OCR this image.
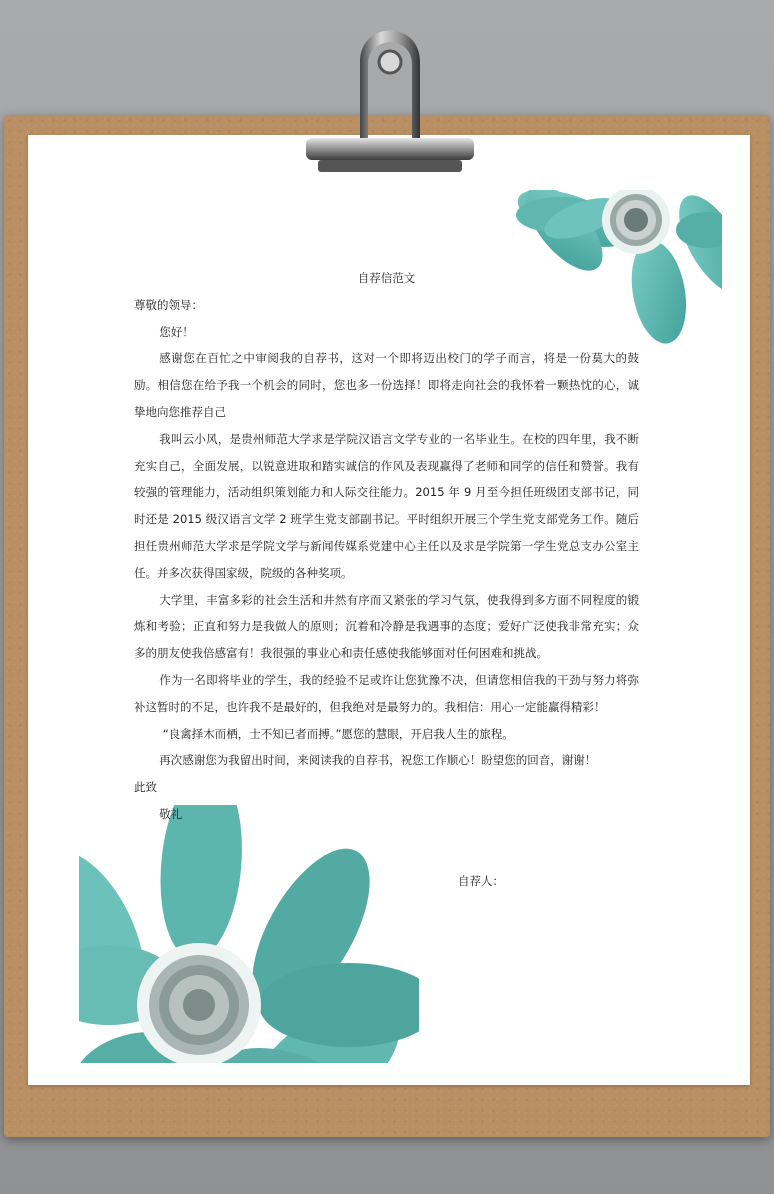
自荐信范文

尊敬的领导：

您好！

感谢您在百忙之中审阅我的自荐书，这对一个即将迈出校门的学子而言，将是一份莫大的鼓励。相信您在给予我一个机会的同时，您也多一份选择！即将走向社会的我怀着一颗热忱的心，诚挚地向您推荐自己

我叫云小风，是贵州师范大学求是学院汉语言文学专业的一名毕业生。在校的四年里，我不断充实自己，全面发展，以锐意进取和踏实诚信的作风及表现赢得了老师和同学的信任和赞誉。我有较强的管理能力，活动组织策划能力和人际交往能力。2015 年 9 月至今担任班级团支部书记，同时还是 2015 级汉语言文学 2 班学生党支部副书记。平时组织开展三个学生党支部党务工作。随后担任贵州师范大学求是学院文学与新闻传媒系党建中心主任以及求是学院第一学生党总支办公室主任。并多次获得国家级，院级的各种奖项。

大学里，丰富多彩的社会生活和井然有序而又紧张的学习气氛，使我得到多方面不同程度的锻炼和考验；正直和努力是我做人的原则；沉着和冷静是我遇事的态度；爱好广泛使我非常充实；众多的朋友使我倍感富有！我很强的事业心和责任感使我能够面对任何困难和挑战。

作为一名即将毕业的学生，我的经验不足或许让您犹豫不决，但请您相信我的干劲与努力将弥补这暂时的不足，也许我不是最好的，但我绝对是最努力的。我相信：用心一定能赢得精彩！

“良禽择木而栖，士不知已者而搏。”愿您的慧眼，开启我人生的旅程。

再次感谢您为我留出时间，来阅读我的自荐书，祝您工作顺心！盼望您的回音，谢谢！

此致

敬礼

自荐人：
